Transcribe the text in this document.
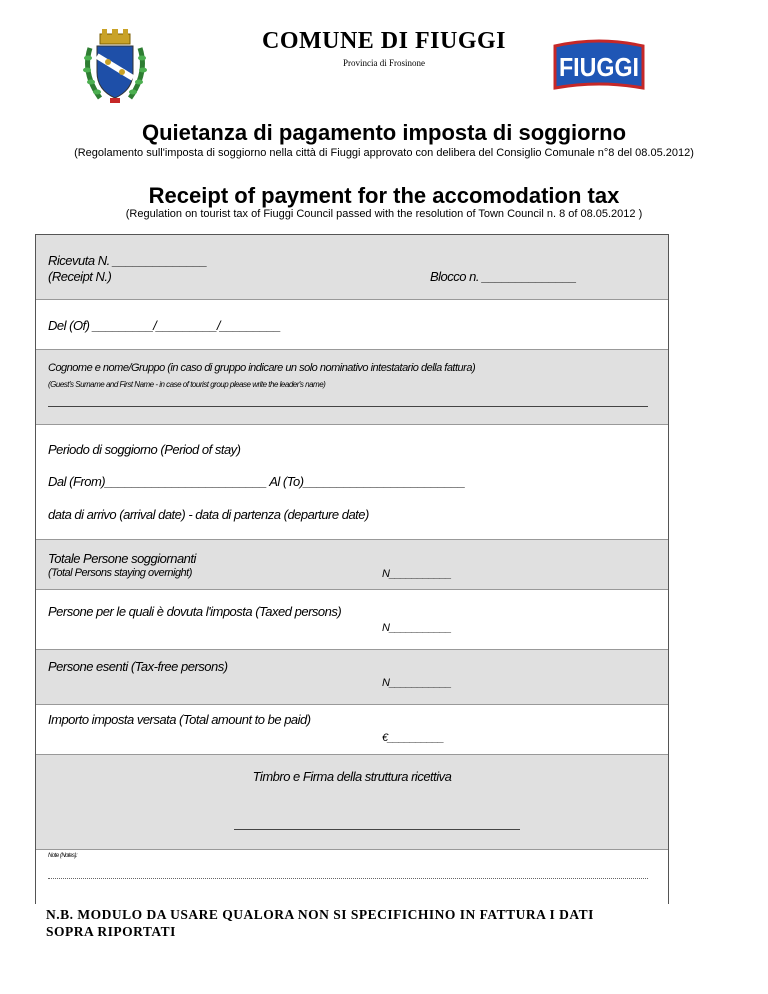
COMUNE DI FIUGGI
Provincia di Frosinone	FIUGGI
Quietanza di pagamento imposta di soggiorno
(Regolamento sull'imposta di soggiorno nella città di Fiuggi approvato con delibera del Consiglio Comunale n°8 del 08.05.2012)
Receipt of payment for the accomodation tax
(Regulation on tourist tax of Fiuggi Council passed with the resolution of Town Council n. 8 of 08.05.2012 )
Ricevuta N. ______________
(Receipt N.)	Blocco n. ______________
Del (Of) _________/_________/_________
Cognome e nome/Gruppo (in caso di gruppo indicare un solo nominativo intestatario della fattura)
(Guest's Surname and First Name - in case of tourist group please write the leader's name)
Periodo di soggiorno (Period of stay)
Dal (From)________________________ Al (To)________________________
data di arrivo (arrival date) - data di partenza (departure date)
Totale Persone soggiornanti
(Total Persons staying overnight)	N___________
Persone per le quali è dovuta l'imposta (Taxed persons)
N___________
Persone esenti (Tax-free persons)
N___________
Importo imposta versata (Total amount to be paid)
€__________
Timbro e Firma della struttura ricettiva
Note (Notes):
N.B. MODULO DA USARE QUALORA NON SI SPECIFICHINO IN FATTURA I DATI
SOPRA RIPORTATI
